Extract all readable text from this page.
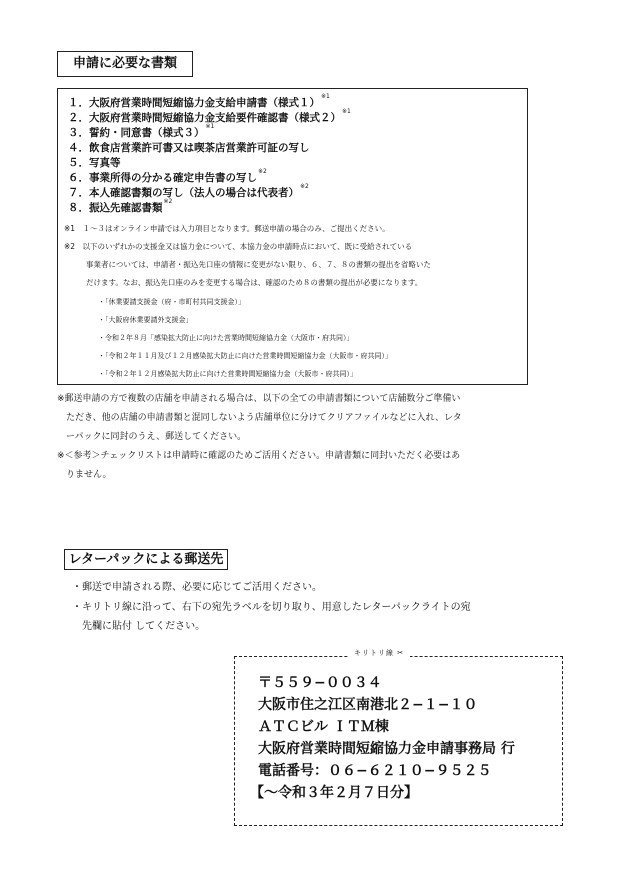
申請に必要な書類
１．大阪府営業時間短縮協力金支給申請書（様式１）$^{※1}$
２．大阪府営業時間短縮協力金支給要件確認書（様式２）$^{※1}$
３．誓約・同意書（様式３）$^{※1}$
４．飲食店営業許可書又は喫茶店営業許可証の写し
５．写真等
６．事業所得の分かる確定申告書の写し$^{※2}$
７．本人確認書類の写し（法人の場合は代表者）$^{※2}$
８．振込先確認書類$^{※2}$
※1　１～３はオンライン申請では入力項目となります。郵送申請の場合のみ、ご提出ください。
※2　以下のいずれかの支援金又は協力金について、本協力金の申請時点において、既に受給されている
事業者については、申請者・振込先口座の情報に変更がない限り、６、７、８の書類の提出を省略いた
だけます。なお、振込先口座のみを変更する場合は、確認のため８の書類の提出が必要になります。
・「休業要請支援金（府・市町村共同支援金）」
・「大阪府休業要請外支援金」
・令和２年８月「感染拡大防止に向けた営業時間短縮協力金（大阪市・府共同）」
・「令和２年１１月及び１２月感染拡大防止に向けた営業時間短縮協力金（大阪市・府共同）」
・「令和２年１２月感染拡大防止に向けた営業時間短縮協力金（大阪市・府共同）」
※郵送申請の方で複数の店舗を申請される場合は、以下の全ての申請書類について店舗数分ご準備い
　ただき、他の店舗の申請書類と混同しないよう店舗単位に分けてクリアファイルなどに入れ、レタ
　ーパックに同封のうえ、郵送してください。
※＜参考＞チェックリストは申請時に確認のためご活用ください。申請書類に同封いただく必要はあ
　りません。
レターパックによる郵送先
・郵送で申請される際、必要に応じてご活用ください。
・キリトリ線に沿って、右下の宛先ラベルを切り取り、用意したレターパックライトの宛
　先欄に貼付 してください。
キリトリ線 ✂
〒５５９−００３４
大阪市住之江区南港北２−１−１０
ＡＴＣビル ＩＴＭ棟
大阪府営業時間短縮協力金申請事務局 行
電話番号：０６−６２１０−９５２５
【〜令和３年２月７日分】
